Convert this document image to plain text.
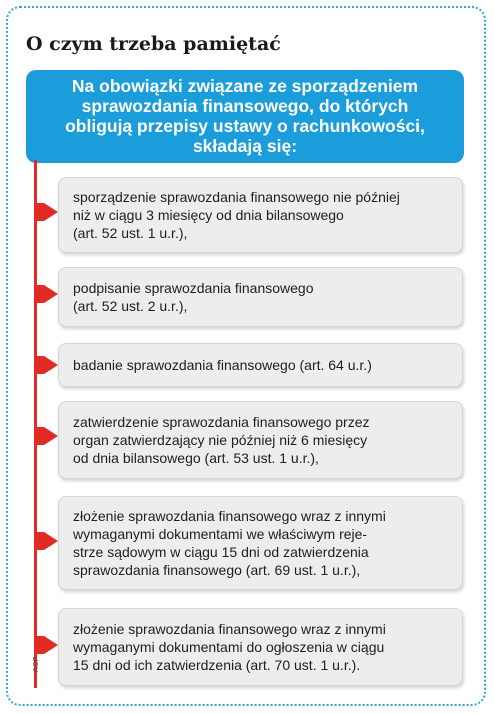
O czym trzeba pamiętać
Na obowiązki związane ze sporządzeniem
sprawozdania finansowego, do których
obligują przepisy ustawy o rachunkowości,
składają się:
ACP
sporządzenie sprawozdania finansowego nie później
niż w ciągu 3 miesięcy od dnia bilansowego
(art. 52 ust. 1 u.r.),
podpisanie sprawozdania finansowego
(art. 52 ust. 2 u.r.),
badanie sprawozdania finansowego (art. 64 u.r.)
zatwierdzenie sprawozdania finansowego przez
organ zatwierdzający nie później niż 6 miesięcy
od dnia bilansowego (art. 53 ust. 1 u.r.),
złożenie sprawozdania finansowego wraz z innymi
wymaganymi dokumentami we właściwym reje-
strze sądowym w ciągu 15 dni od zatwierdzenia
sprawozdania finansowego (art. 69 ust. 1 u.r.),
złożenie sprawozdania finansowego wraz z innymi
wymaganymi dokumentami do ogłoszenia w ciągu
15 dni od ich zatwierdzenia (art. 70 ust. 1 u.r.).
